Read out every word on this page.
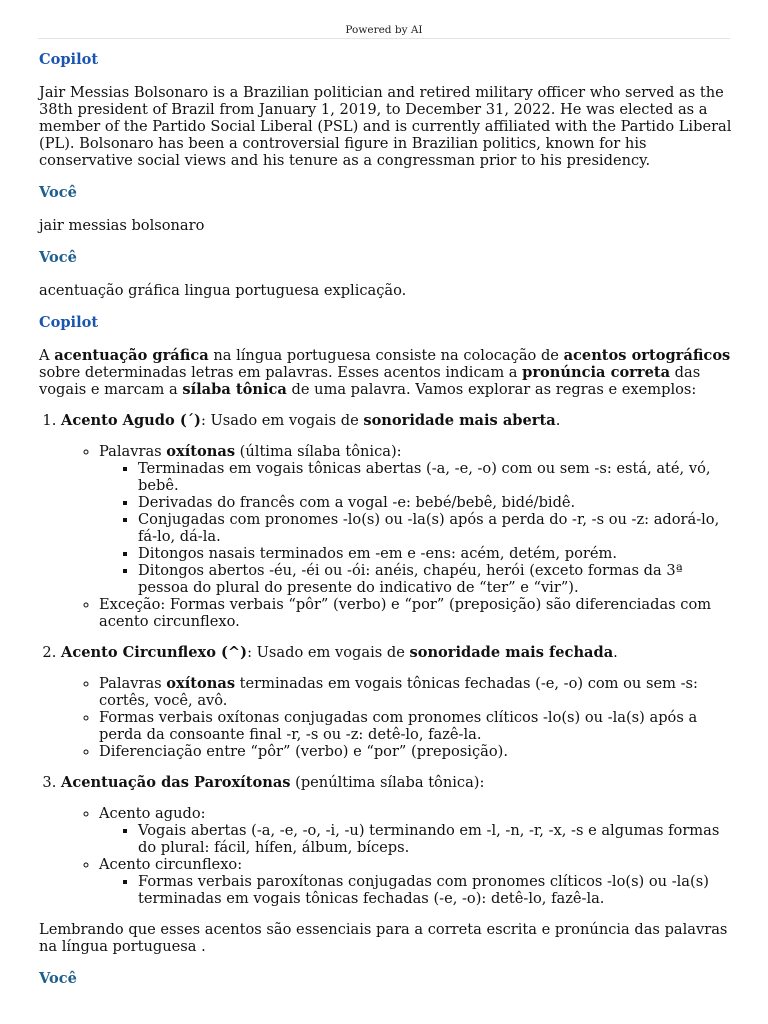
Powered by AI
Copilot

Jair Messias Bolsonaro is a Brazilian politician and retired military officer who served as the 38th president of Brazil from January 1, 2019, to December 31, 2022. He was elected as a member of the Partido Social Liberal (PSL) and is currently affiliated with the Partido Liberal (PL). Bolsonaro has been a controversial figure in Brazilian politics, known for his conservative social views and his tenure as a congressman prior to his presidency.

Você

jair messias bolsonaro

Você

acentuação gráfica lingua portuguesa explicação.

Copilot

A acentuação gráfica na língua portuguesa consiste na colocação de acentos ortográficos sobre determinadas letras em palavras. Esses acentos indicam a pronúncia correta das vogais e marcam a sílaba tônica de uma palavra. Vamos explorar as regras e exemplos:

1. Acento Agudo (´): Usado em vogais de sonoridade mais aberta.
◦ Palavras oxítonas (última sílaba tônica):
▪ Terminadas em vogais tônicas abertas (-a, -e, -o) com ou sem -s: está, até, vó, bebê.
▪ Derivadas do francês com a vogal -e: bebé/bebê, bidé/bidê.
▪ Conjugadas com pronomes -lo(s) ou -la(s) após a perda do -r, -s ou -z: adorá-lo, fá-lo, dá-la.
▪ Ditongos nasais terminados em -em e -ens: acém, detém, porém.
▪ Ditongos abertos -éu, -éi ou -ói: anéis, chapéu, herói (exceto formas da 3ª pessoa do plural do presente do indicativo de “ter” e “vir”).
◦ Exceção: Formas verbais “pôr” (verbo) e “por” (preposição) são diferenciadas com acento circunflexo.
2. Acento Circunflexo (^): Usado em vogais de sonoridade mais fechada.
◦ Palavras oxítonas terminadas em vogais tônicas fechadas (-e, -o) com ou sem -s: cortês, você, avô.
◦ Formas verbais oxítonas conjugadas com pronomes clíticos -lo(s) ou -la(s) após a perda da consoante final -r, -s ou -z: detê-lo, fazê-la.
◦ Diferenciação entre “pôr” (verbo) e “por” (preposição).
3. Acentuação das Paroxítonas (penúltima sílaba tônica):
◦ Acento agudo:
▪ Vogais abertas (-a, -e, -o, -i, -u) terminando em -l, -n, -r, -x, -s e algumas formas do plural: fácil, hífen, álbum, bíceps.
◦ Acento circunflexo:
▪ Formas verbais paroxítonas conjugadas com pronomes clíticos -lo(s) ou -la(s) terminadas em vogais tônicas fechadas (-e, -o): detê-lo, fazê-la.

Lembrando que esses acentos são essenciais para a correta escrita e pronúncia das palavras na língua portuguesa .

Você
